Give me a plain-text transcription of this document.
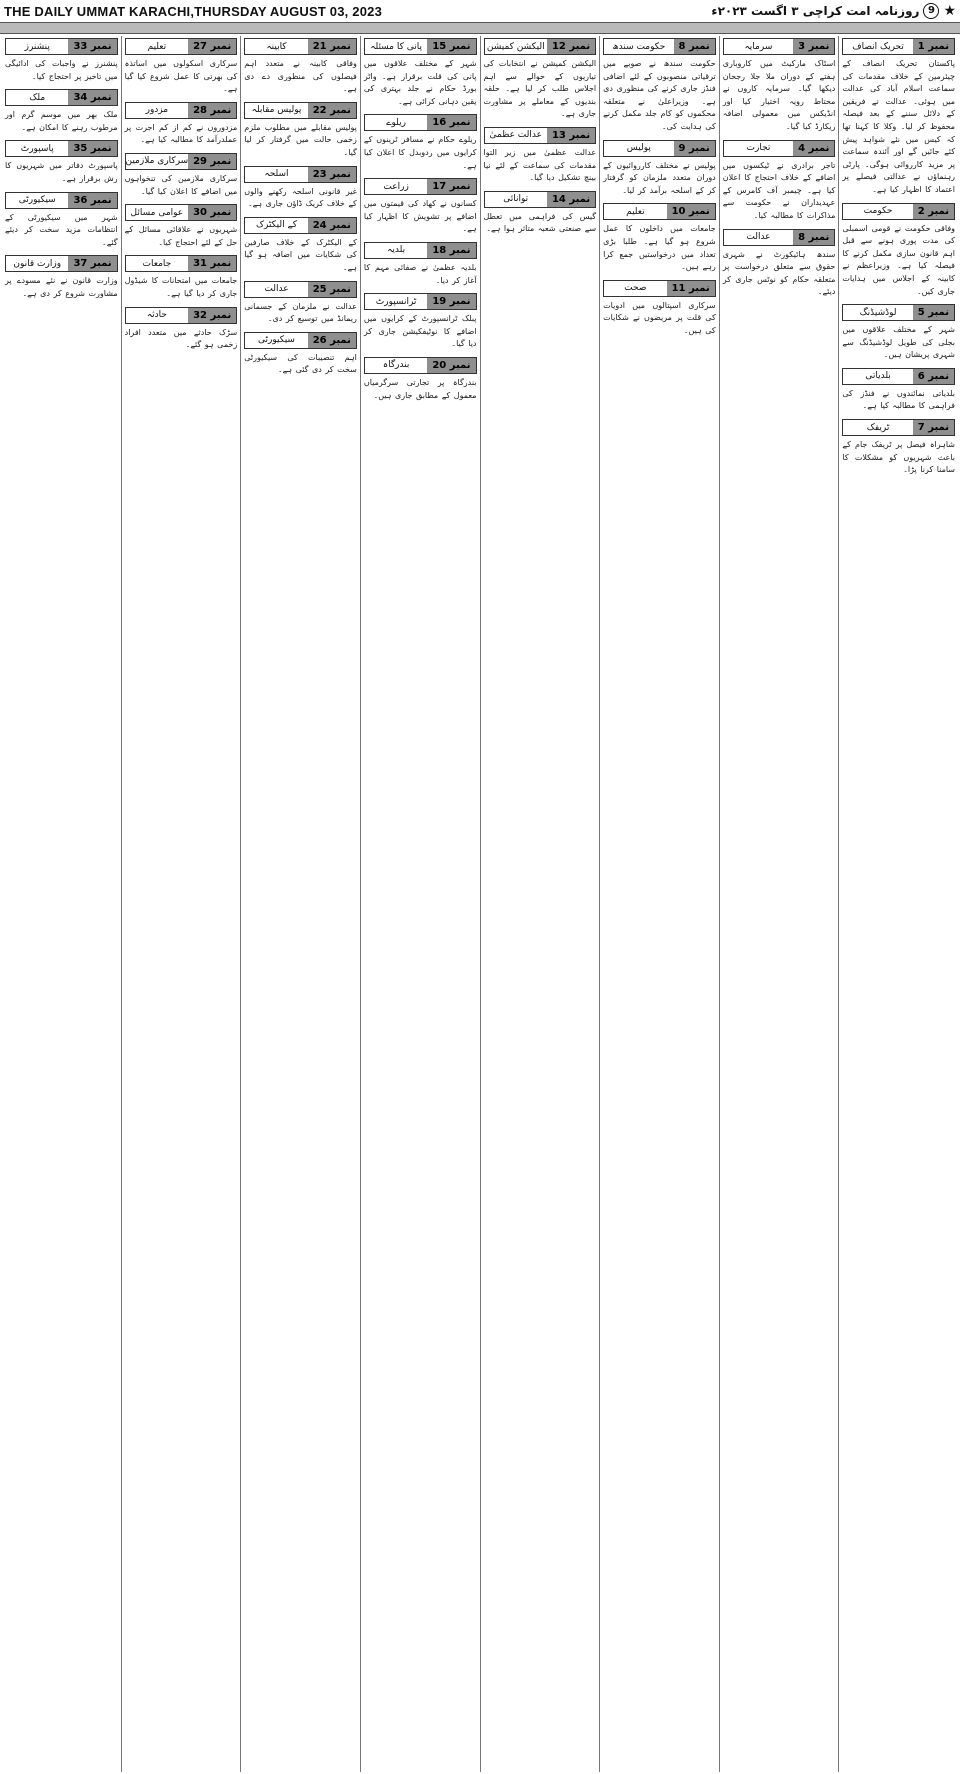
THE DAILY UMMAT KARACHI,THURSDAY AUGUST 03, 2023	★
9
روزنامہ امت کراچی ۳ اگست ۲۰۲۳ء
نمبر 1
تحریک انصاف
پاکستان تحریک انصاف کے چیئرمین کے خلاف مقدمات کی سماعت اسلام آباد کی عدالت میں ہوئی۔ عدالت نے فریقین کے دلائل سننے کے بعد فیصلہ محفوظ کر لیا۔ وکلا کا کہنا تھا کہ کیس میں نئے شواہد پیش کئے جائیں گے اور آئندہ سماعت پر مزید کارروائی ہوگی۔ پارٹی رہنماؤں نے عدالتی فیصلے پر اعتماد کا اظہار کیا ہے۔
نمبر 2
حکومت
وفاقی حکومت نے قومی اسمبلی کی مدت پوری ہونے سے قبل اہم قانون سازی مکمل کرنے کا فیصلہ کیا ہے۔ وزیراعظم نے کابینہ کے اجلاس میں ہدایات جاری کیں۔
نمبر 5
لوڈشیڈنگ
شہر کے مختلف علاقوں میں بجلی کی طویل لوڈشیڈنگ سے شہری پریشان ہیں۔
نمبر 6
بلدیاتی
بلدیاتی نمائندوں نے فنڈز کی فراہمی کا مطالبہ کیا ہے۔
نمبر 7
ٹریفک
شاہراہ فیصل پر ٹریفک جام کے باعث شہریوں کو مشکلات کا سامنا کرنا پڑا۔
نمبر 3
سرمایہ
اسٹاک مارکیٹ میں کاروباری ہفتے کے دوران ملا جلا رجحان دیکھا گیا۔ سرمایہ کاروں نے محتاط رویہ اختیار کیا اور انڈیکس میں معمولی اضافہ ریکارڈ کیا گیا۔
نمبر 4
تجارت
تاجر برادری نے ٹیکسوں میں اضافے کے خلاف احتجاج کا اعلان کیا ہے۔ چیمبر آف کامرس کے عہدیداران نے حکومت سے مذاکرات کا مطالبہ کیا۔
نمبر 8
عدالت
سندھ ہائیکورٹ نے شہری حقوق سے متعلق درخواست پر متعلقہ حکام کو نوٹس جاری کر دیئے۔
نمبر 8
حکومت سندھ
حکومت سندھ نے صوبے میں ترقیاتی منصوبوں کے لئے اضافی فنڈز جاری کرنے کی منظوری دی ہے۔ وزیراعلیٰ نے متعلقہ محکموں کو کام جلد مکمل کرنے کی ہدایت کی۔
نمبر 9
پولیس
پولیس نے مختلف کارروائیوں کے دوران متعدد ملزمان کو گرفتار کر کے اسلحہ برآمد کر لیا۔
نمبر 10
تعلیم
جامعات میں داخلوں کا عمل شروع ہو گیا ہے۔ طلبا بڑی تعداد میں درخواستیں جمع کرا رہے ہیں۔
نمبر 11
صحت
سرکاری اسپتالوں میں ادویات کی قلت پر مریضوں نے شکایات کی ہیں۔
نمبر 12
الیکشن کمیشن
الیکشن کمیشن نے انتخابات کی تیاریوں کے حوالے سے اہم اجلاس طلب کر لیا ہے۔ حلقہ بندیوں کے معاملے پر مشاورت جاری ہے۔
نمبر 13
عدالت عظمیٰ
عدالت عظمیٰ میں زیر التوا مقدمات کی سماعت کے لئے نیا بینچ تشکیل دیا گیا۔
نمبر 14
توانائی
گیس کی فراہمی میں تعطل سے صنعتی شعبہ متاثر ہوا ہے۔
نمبر 15
پانی کا مسئلہ
شہر کے مختلف علاقوں میں پانی کی قلت برقرار ہے۔ واٹر بورڈ حکام نے جلد بہتری کی یقین دہانی کرائی ہے۔
نمبر 16
ریلوے
ریلوے حکام نے مسافر ٹرینوں کے کرایوں میں ردوبدل کا اعلان کیا ہے۔
نمبر 17
زراعت
کسانوں نے کھاد کی قیمتوں میں اضافے پر تشویش کا اظہار کیا ہے۔
نمبر 18
بلدیہ
بلدیہ عظمیٰ نے صفائی مہم کا آغاز کر دیا۔
نمبر 19
ٹرانسپورٹ
پبلک ٹرانسپورٹ کے کرایوں میں اضافے کا نوٹیفکیشن جاری کر دیا گیا۔
نمبر 20
بندرگاہ
بندرگاہ پر تجارتی سرگرمیاں معمول کے مطابق جاری ہیں۔
نمبر 21
کابینہ
وفاقی کابینہ نے متعدد اہم فیصلوں کی منظوری دے دی ہے۔
نمبر 22
پولیس مقابلہ
پولیس مقابلے میں مطلوب ملزم زخمی حالت میں گرفتار کر لیا گیا۔
نمبر 23
اسلحہ
غیر قانونی اسلحہ رکھنے والوں کے خلاف کریک ڈاؤن جاری ہے۔
نمبر 24
کے الیکٹرک
کے الیکٹرک کے خلاف صارفین کی شکایات میں اضافہ ہو گیا ہے۔
نمبر 25
عدالت
عدالت نے ملزمان کے جسمانی ریمانڈ میں توسیع کر دی۔
نمبر 26
سیکیورٹی
اہم تنصیبات کی سیکیورٹی سخت کر دی گئی ہے۔
نمبر 27
تعلیم
سرکاری اسکولوں میں اساتذہ کی بھرتی کا عمل شروع کیا گیا ہے۔
نمبر 28
مزدور
مزدوروں نے کم از کم اجرت پر عملدرآمد کا مطالبہ کیا ہے۔
نمبر 29
سرکاری ملازمین
سرکاری ملازمین کی تنخواہوں میں اضافے کا اعلان کیا گیا۔
نمبر 30
عوامی مسائل
شہریوں نے علاقائی مسائل کے حل کے لئے احتجاج کیا۔
نمبر 31
جامعات
جامعات میں امتحانات کا شیڈول جاری کر دیا گیا ہے۔
نمبر 32
حادثہ
سڑک حادثے میں متعدد افراد زخمی ہو گئے۔
نمبر 33
پنشنرز
پنشنرز نے واجبات کی ادائیگی میں تاخیر پر احتجاج کیا۔
نمبر 34
ملک
ملک بھر میں موسم گرم اور مرطوب رہنے کا امکان ہے۔
نمبر 35
پاسپورٹ
پاسپورٹ دفاتر میں شہریوں کا رش برقرار ہے۔
نمبر 36
سیکیورٹی
شہر میں سیکیورٹی کے انتظامات مزید سخت کر دیئے گئے۔
نمبر 37
وزارت قانون
وزارت قانون نے نئے مسودے پر مشاورت شروع کر دی ہے۔
